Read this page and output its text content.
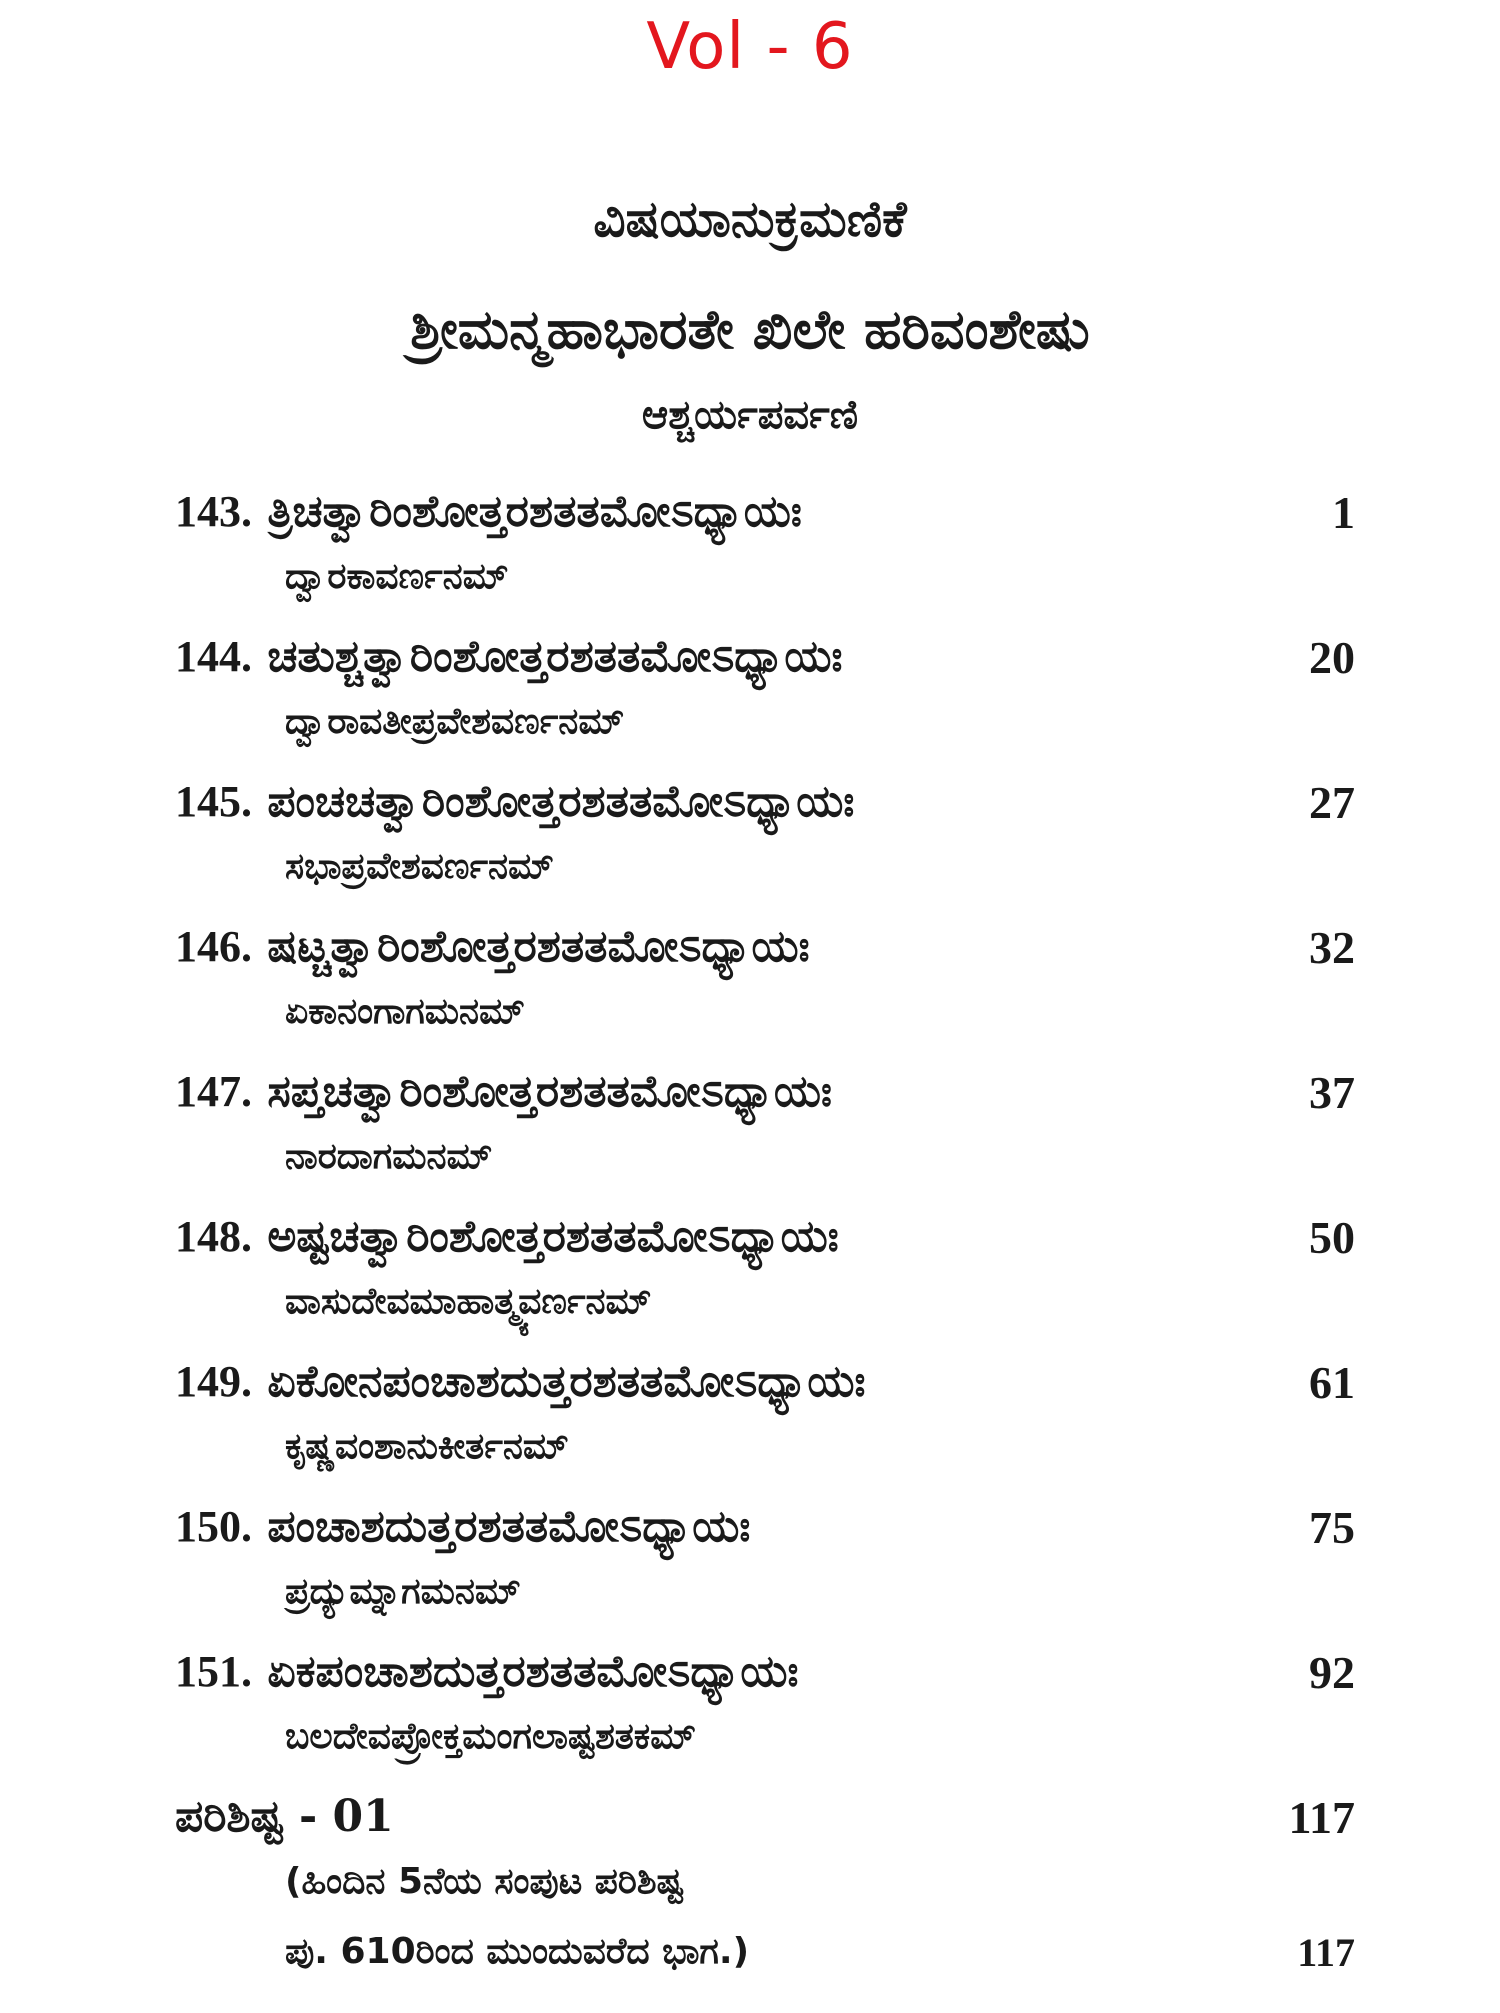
Vol - 6
ವಿಷಯಾನುಕ್ರಮಣಿಕೆ
ಶ್ರೀಮನ್ಮಹಾಭಾರತೇ ಖಿಲೇ ಹರಿವಂಶೇಷು
ಆಶ್ಚರ್ಯಪರ್ವಣಿ
143. ತ್ರಿಚತ್ವಾರಿಂಶೋತ್ತರಶತತಮೋಽಧ್ಯಾಯಃ	1
ದ್ವಾರಕಾವರ್ಣನಮ್
144. ಚತುಶ್ಚತ್ವಾರಿಂಶೋತ್ತರಶತತಮೋಽಧ್ಯಾಯಃ	20
ದ್ವಾರಾವತೀಪ್ರವೇಶವರ್ಣನಮ್
145. ಪಂಚಚತ್ವಾರಿಂಶೋತ್ತರಶತತಮೋಽಧ್ಯಾಯಃ	27
ಸಭಾಪ್ರವೇಶವರ್ಣನಮ್
146. ಷಟ್ಚತ್ವಾರಿಂಶೋತ್ತರಶತತಮೋಽಧ್ಯಾಯಃ	32
ಏಕಾನಂಗಾಗಮನಮ್
147. ಸಪ್ತಚತ್ವಾರಿಂಶೋತ್ತರಶತತಮೋಽಧ್ಯಾಯಃ	37
ನಾರದಾಗಮನಮ್
148. ಅಷ್ಟಚತ್ವಾರಿಂಶೋತ್ತರಶತತಮೋಽಧ್ಯಾಯಃ	50
ವಾಸುದೇವಮಾಹಾತ್ಮ್ಯವರ್ಣನಮ್
149. ಏಕೋನಪಂಚಾಶದುತ್ತರಶತತಮೋಽಧ್ಯಾಯಃ	61
ಕೃಷ್ಣವಂಶಾನುಕೀರ್ತನಮ್
150. ಪಂಚಾಶದುತ್ತರಶತತಮೋಽಧ್ಯಾಯಃ	75
ಪ್ರದ್ಯುಮ್ನಾಗಮನಮ್
151. ಏಕಪಂಚಾಶದುತ್ತರಶತತಮೋಽಧ್ಯಾಯಃ	92
ಬಲದೇವಪ್ರೋಕ್ತಮಂಗಲಾಷ್ಟಶತಕಮ್
ಪರಿಶಿಷ್ಟ - 01	117
(ಹಿಂದಿನ 5ನೆಯ ಸಂಪುಟ ಪರಿಶಿಷ್ಟ
ಪು. 610ರಿಂದ ಮುಂದುವರೆದ ಭಾಗ.)	117
